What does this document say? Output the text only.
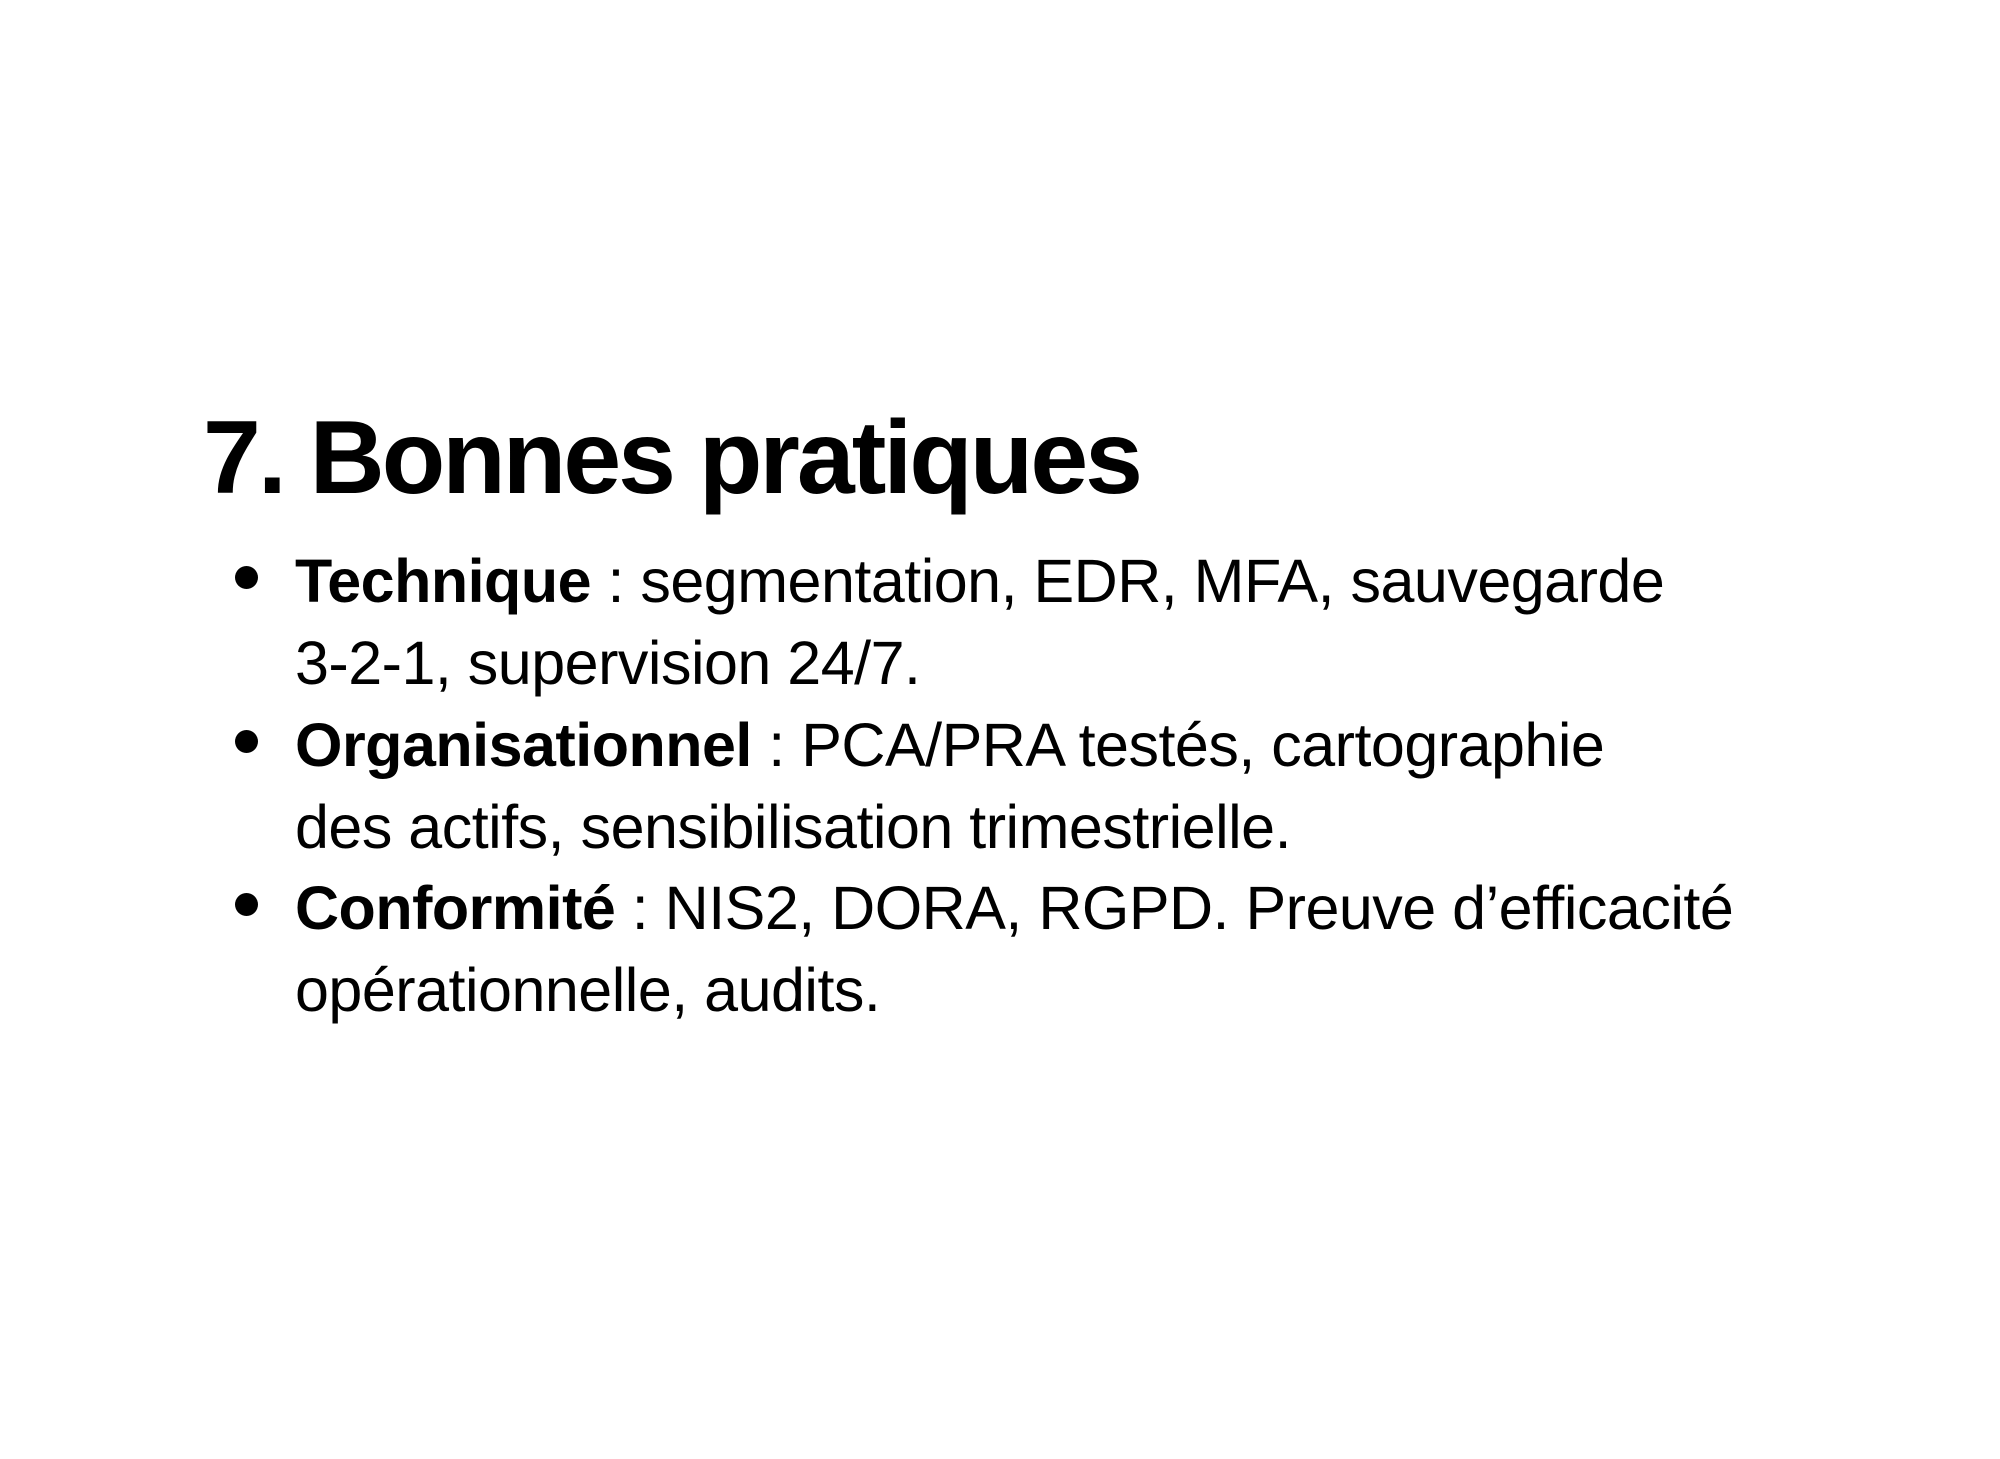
7. Bonnes pratiques
Technique : segmentation, EDR, MFA, sauvegarde
3-2-1, supervision 24/7.
Organisationnel : PCA/PRA testés, cartographie
des actifs, sensibilisation trimestrielle.
Conformité : NIS2, DORA, RGPD. Preuve d’efficacité
opérationnelle, audits.
